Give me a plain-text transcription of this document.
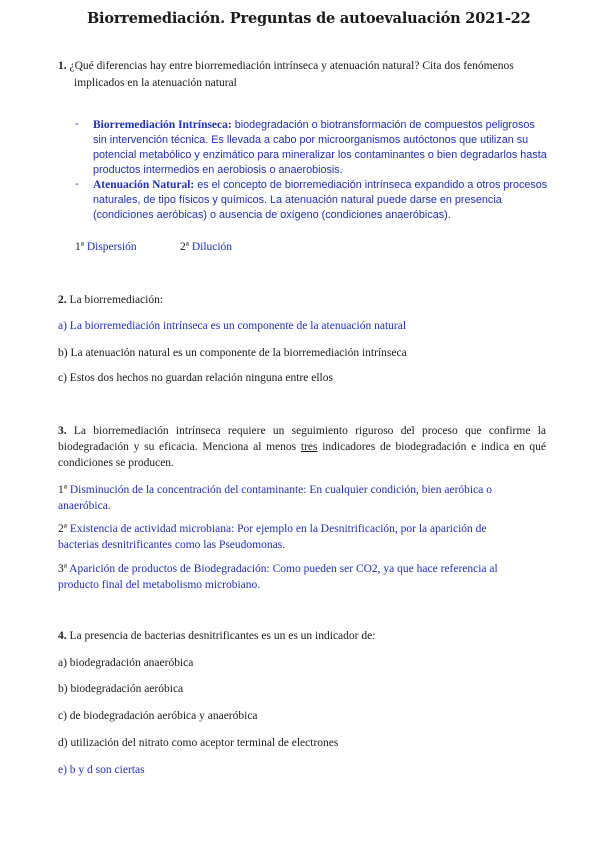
Biorremediación. Preguntas de autoevaluación 2021-22
1. ¿Qué diferencias hay entre biorremediación intrínseca y atenuación natural? Cita dos fenómenos
implicados en la atenuación natural
- Biorremediación Intrínseca: biodegradación o biotransformación de compuestos peligrosos sin intervención técnica. Es llevada a cabo por microorganismos autóctonos que utilizan su potencial metabólico y enzimático para mineralizar los contaminantes o bien degradarlos hasta productos intermedios en aerobiosis o anaerobiosis.
- Atenuación Natural: es el concepto de biorremediación intrínseca expandido a otros procesos naturales, de tipo físicos y químicos. La atenuación natural puede darse en presencia (condiciones aeróbicas) o ausencia de oxígeno (condiciones anaeróbicas).
1ª Dispersión	2ª Dilución
2. La biorremediación:
a) La biorremediación intrínseca es un componente de la atenuación natural
b) La atenuación natural es un componente de la biorremediación intrínseca
c) Estos dos hechos no guardan relación ninguna entre ellos
3. La biorremediación intrínseca requiere un seguimiento riguroso del proceso que confirme la biodegradación y su eficacia. Menciona al menos tres indicadores de biodegradación e indica en qué condiciones se producen.
1ª Disminución de la concentración del contaminante: En cualquier condición, bien aeróbica o anaeróbica.
2ª Existencia de actividad microbiana: Por ejemplo en la Desnitrificación, por la aparición de bacterias desnitrificantes como las Pseudomonas.
3ª Aparición de productos de Biodegradación: Como pueden ser CO2, ya que hace referencia al producto final del metabolismo microbiano.
4. La presencia de bacterias desnitrificantes es un es un indicador de:
a) biodegradación anaeróbica
b) biodegradación aeróbica
c) de biodegradación aeróbica y anaeróbica
d) utilización del nitrato como aceptor terminal de electrones
e) b y d son ciertas
